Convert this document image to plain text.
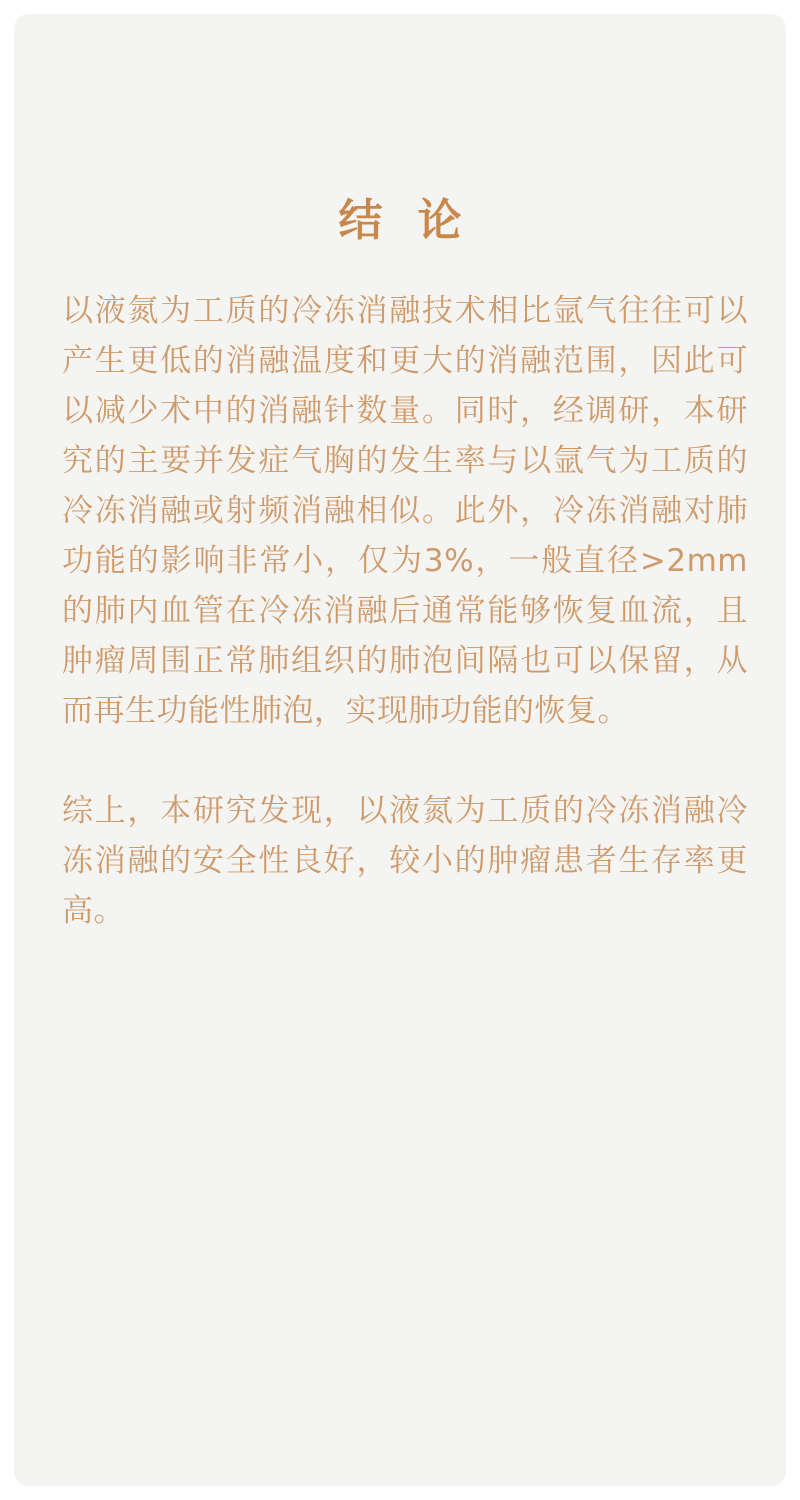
结 论

以液氮为工质的冷冻消融技术相比氩气往往可以产生更低的消融温度和更大的消融范围，因此可以减少术中的消融针数量。同时，经调研，本研究的主要并发症气胸的发生率与以氩气为工质的冷冻消融或射频消融相似。此外，冷冻消融对肺功能的影响非常小，仅为3%，一般直径>2mm的肺内血管在冷冻消融后通常能够恢复血流，且肿瘤周围正常肺组织的肺泡间隔也可以保留，从而再生功能性肺泡，实现肺功能的恢复。

综上，本研究发现，以液氮为工质的冷冻消融冷冻消融的安全性良好，较小的肿瘤患者生存率更高。
